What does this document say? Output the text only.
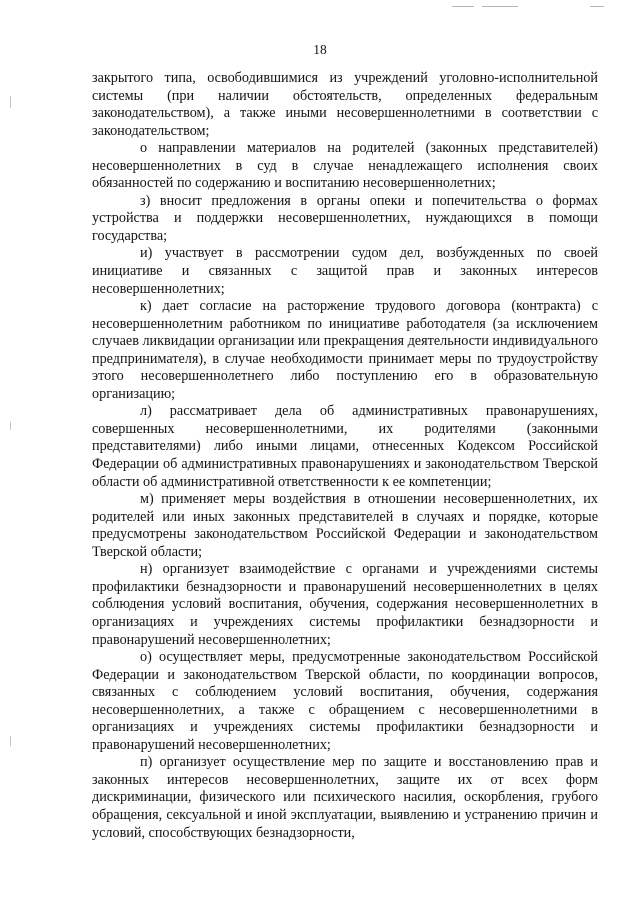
18

закрытого типа, освободившимися из учреждений уголовно-исполнительной системы (при наличии обстоятельств, определенных федеральным законодательством), а также иными несовершеннолетними в соответствии с законодательством;

о направлении материалов на родителей (законных представителей) несовершеннолетних в суд в случае ненадлежащего исполнения своих обязанностей по содержанию и воспитанию несовершеннолетних;

з) вносит предложения в органы опеки и попечительства о формах устройства и поддержки несовершеннолетних, нуждающихся в помощи государства;

и) участвует в рассмотрении судом дел, возбужденных по своей инициативе и связанных с защитой прав и законных интересов несовершеннолетних;

к) дает согласие на расторжение трудового договора (контракта) с несовершеннолетним работником по инициативе работодателя (за исключением случаев ликвидации организации или прекращения деятельности индивидуального предпринимателя), в случае необходимости принимает меры по трудоустройству этого несовершеннолетнего либо поступлению его в образовательную организацию;

л) рассматривает дела об административных правонарушениях, совершенных несовершеннолетними, их родителями (законными представителями) либо иными лицами, отнесенных Кодексом Российской Федерации об административных правонарушениях и законодательством Тверской области об административной ответственности к ее компетенции;

м) применяет меры воздействия в отношении несовершеннолетних, их родителей или иных законных представителей в случаях и порядке, которые предусмотрены законодательством Российской Федерации и законодательством Тверской области;

н) организует взаимодействие с органами и учреждениями системы профилактики безнадзорности и правонарушений несовершеннолетних в целях соблюдения условий воспитания, обучения, содержания несовершеннолетних в организациях и учреждениях системы профилактики безнадзорности и правонарушений несовершеннолетних;

о) осуществляет меры, предусмотренные законодательством Российской Федерации и законодательством Тверской области, по координации вопросов, связанных с соблюдением условий воспитания, обучения, содержания несовершеннолетних, а также с обращением с несовершеннолетними в организациях и учреждениях системы профилактики безнадзорности и правонарушений несовершеннолетних;

п) организует осуществление мер по защите и восстановлению прав и законных интересов несовершеннолетних, защите их от всех форм дискриминации, физического или психического насилия, оскорбления, грубого обращения, сексуальной и иной эксплуатации, выявлению и устранению причин и условий, способствующих безнадзорности,
